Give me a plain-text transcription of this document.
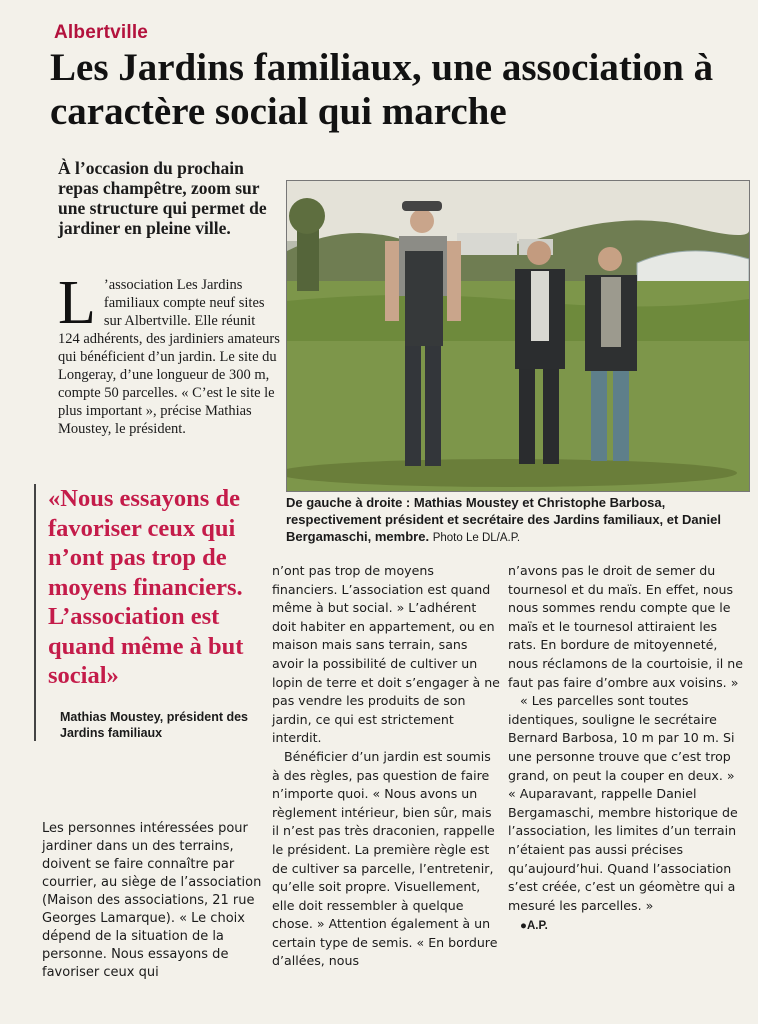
Albertville
Les Jardins familiaux, une association à caractère social qui marche

À l’occasion du prochain repas champêtre, zoom sur une structure qui permet de jardiner en pleine ville.

L ’association Les Jardins familiaux compte neuf sites sur Albertville. Elle réunit 124 adhérents, des jardiniers amateurs qui bénéficient d’un jardin. Le site du Longeray, d’une longueur de 300 m, compte 50 parcelles. « C’est le site le plus important », précise Mathias Moustey, le président.

De gauche à droite : Mathias Moustey et Christophe Barbosa, respectivement président et secrétaire des Jardins familiaux, et Daniel Bergamaschi, membre. Photo Le DL/A.P.

«Nous essayons de favoriser ceux qui n’ont pas trop de moyens financiers. L’association est quand même à but social»

Mathias Moustey, président des Jardins familiaux

Les personnes intéressées pour jardiner dans un des terrains, doivent se faire connaître par courrier, au siège de l’association (Maison des associations, 21 rue Georges Lamarque). « Le choix dépend de la situation de la personne. Nous essayons de favoriser ceux qui

n’ont pas trop de moyens financiers. L’association est quand même à but social. » L’adhérent doit habiter en appartement, ou en maison mais sans terrain, sans avoir la possibilité de cultiver un lopin de terre et doit s’engager à ne pas vendre les produits de son jardin, ce qui est strictement interdit.

Bénéficier d’un jardin est soumis à des règles, pas question de faire n’importe quoi. « Nous avons un règlement intérieur, bien sûr, mais il n’est pas très draconien, rappelle le président. La première règle est de cultiver sa parcelle, l’entretenir, qu’elle soit propre. Visuellement, elle doit ressembler à quelque chose. » Attention également à un certain type de semis. « En bordure d’allées, nous

n’avons pas le droit de semer du tournesol et du maïs. En effet, nous nous sommes rendu compte que le maïs et le tournesol attiraient les rats. En bordure de mitoyenneté, nous réclamons de la courtoisie, il ne faut pas faire d’ombre aux voisins. »

« Les parcelles sont toutes identiques, souligne le secrétaire Bernard Barbosa, 10 m par 10 m. Si une personne trouve que c’est trop grand, on peut la couper en deux. » « Auparavant, rappelle Daniel Bergamaschi, membre historique de l’association, les limites d’un terrain n’étaient pas aussi précises qu’aujourd’hui. Quand l’association s’est créée, c’est un géomètre qui a mesuré les parcelles. »

●A.P.
